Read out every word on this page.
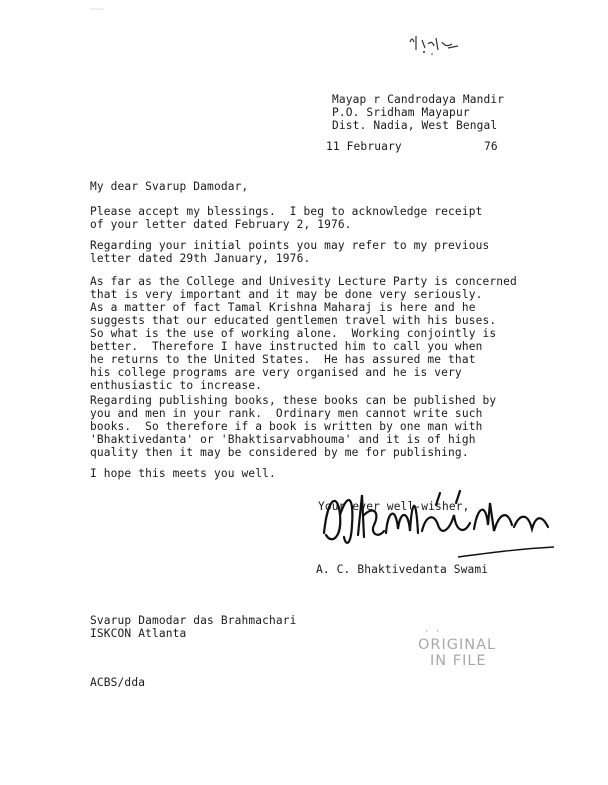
Mayap r Candrodaya Mandir
P.O. Sridham Mayapur
Dist. Nadia, West Bengal
11 February	76
My dear Svarup Damodar,
Please accept my blessings.  I beg to acknowledge receipt
of your letter dated February 2, 1976.
Regarding your initial points you may refer to my previous
letter dated 29th January, 1976.
As far as the College and Univesity Lecture Party is concerned
that is very important and it may be done very seriously.
As a matter of fact Tamal Krishna Maharaj is here and he
suggests that our educated gentlemen travel with his buses.
So what is the use of working alone.  Working conjointly is
better.  Therefore I have instructed him to call you when
he returns to the United States.  He has assured me that
his college programs are very organised and he is very
enthusiastic to increase.
Regarding publishing books, these books can be published by
you and men in your rank.  Ordinary men cannot write such
books.  So therefore if a book is written by one man with
'Bhaktivedanta' or 'Bhaktisarvabhouma' and it is of high
quality then it may be considered by me for publishing.
I hope this meets you well.
Your ever well-wisher,
A. C. Bhaktivedanta Swami
Svarup Damodar das Brahmachari
ISKCON Atlanta	· ·
ORIGINAL
IN FILE
ACBS/dda
